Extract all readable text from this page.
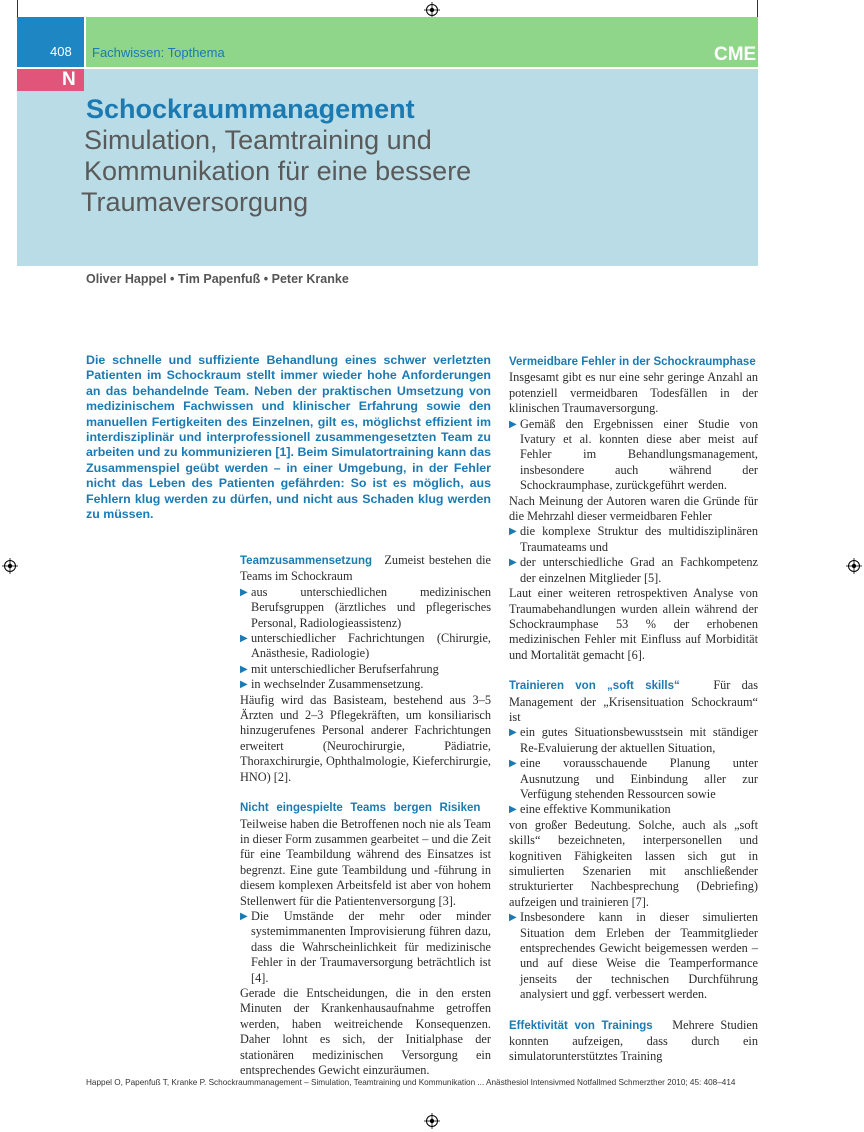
408 Fachwissen: Topthema	CME
N
Schockraummanagement
Simulation, Teamtraining und
Kommunikation für eine bessere
Traumaversorgung
Oliver Happel • Tim Papenfuß • Peter Kranke
Die schnelle und suffiziente Behandlung eines schwer verletzten Patienten im Schockraum stellt immer wieder hohe Anforderungen an das behandelnde Team. Neben der praktischen Umsetzung von medizinischem Fachwissen und klinischer Erfahrung sowie den manuellen Fertigkeiten des Einzelnen, gilt es, möglichst effizient im interdisziplinär und interprofessionell zusammengesetzten Team zu arbeiten und zu kommunizieren [1]. Beim Simulatortraining kann das Zusammenspiel geübt werden – in einer Umgebung, in der Fehler nicht das Leben des Patienten gefährden: So ist es möglich, aus Fehlern klug werden zu dürfen, und nicht aus Schaden klug werden zu müssen.

Teamzusammensetzung Zumeist bestehen die Teams im Schockraum

▶ aus unterschiedlichen medizinischen Berufsgruppen (ärztliches und pflegerisches Personal, Radiologieassistenz)
▶ unterschiedlicher Fachrichtungen (Chirurgie, Anästhesie, Radiologie)
▶ mit unterschiedlicher Berufserfahrung
▶ in wechselnder Zusammensetzung.

Häufig wird das Basisteam, bestehend aus 3–5 Ärzten und 2–3 Pflegekräften, um konsiliarisch hinzugerufenes Personal anderer Fachrichtungen erweitert (Neurochirurgie, Pädiatrie, Thoraxchirurgie, Ophthalmologie, Kieferchirurgie, HNO) [2].

Nicht eingespielte Teams bergen Risiken   Teilweise haben die Betroffenen noch nie als Team in dieser Form zusammen gearbeitet – und die Zeit für eine Teambildung während des Einsatzes ist begrenzt. Eine gute Teambildung und -führung in diesem komplexen Arbeitsfeld ist aber von hohem Stellenwert für die Patientenversorgung [3].

▶ Die Umstände der mehr oder minder systemimmanenten Improvisierung führen dazu, dass die Wahrscheinlichkeit für medizinische Fehler in der Traumaversorgung beträchtlich ist [4].

Gerade die Entscheidungen, die in den ersten Minuten der Krankenhausaufnahme getroffen werden, haben weitreichende Konsequenzen. Daher lohnt es sich, der Initialphase der stationären medizinischen Versorgung ein entsprechendes Gewicht einzuräumen.

Vermeidbare Fehler in der Schockraumphase

Insgesamt gibt es nur eine sehr geringe Anzahl an potenziell vermeidbaren Todesfällen in der klinischen Traumaversorgung.

▶ Gemäß den Ergebnissen einer Studie von Ivatury et al. konnten diese aber meist auf Fehler im Behandlungsmanagement, insbesondere auch während der Schockraumphase, zurückgeführt werden.

Nach Meinung der Autoren waren die Gründe für die Mehrzahl dieser vermeidbaren Fehler

▶ die komplexe Struktur des multidisziplinären Traumateams und
▶ der unterschiedliche Grad an Fachkompetenz der einzelnen Mitglieder [5].

Laut einer weiteren retrospektiven Analyse von Traumabehandlungen wurden allein während der Schockraumphase 53 % der erhobenen medizinischen Fehler mit Einfluss auf Morbidität und Mortalität gemacht [6].

Trainieren von „soft skills“	Für das Management der „Krisensituation Schockraum“ ist

▶ ein gutes Situationsbewusstsein mit ständiger Re-Evaluierung der aktuellen Situation,
▶ eine vorausschauende Planung unter Ausnutzung und Einbindung aller zur Verfügung stehenden Ressourcen sowie
▶ eine effektive Kommunikation

von großer Bedeutung. Solche, auch als „soft skills“ bezeichneten, interpersonellen und kognitiven Fähigkeiten lassen sich gut in simulierten Szenarien mit anschließender strukturierter Nachbesprechung (Debriefing) aufzeigen und trainieren [7].

▶ Insbesondere kann in dieser simulierten Situation dem Erleben der Teammitglieder entsprechendes Gewicht beigemessen werden – und auf diese Weise die Teamperformance jenseits der technischen Durchführung analysiert und ggf. verbessert werden.

Effektivität von Trainings Mehrere Studien konnten aufzeigen, dass durch ein simulatorunterstütztes Training

Happel O, Papenfuß T, Kranke P. Schockraummanagement – Simulation, Teamtraining und Kommunikation ... Anästhesiol Intensivmed Notfallmed Schmerzther 2010; 45: 408–414
